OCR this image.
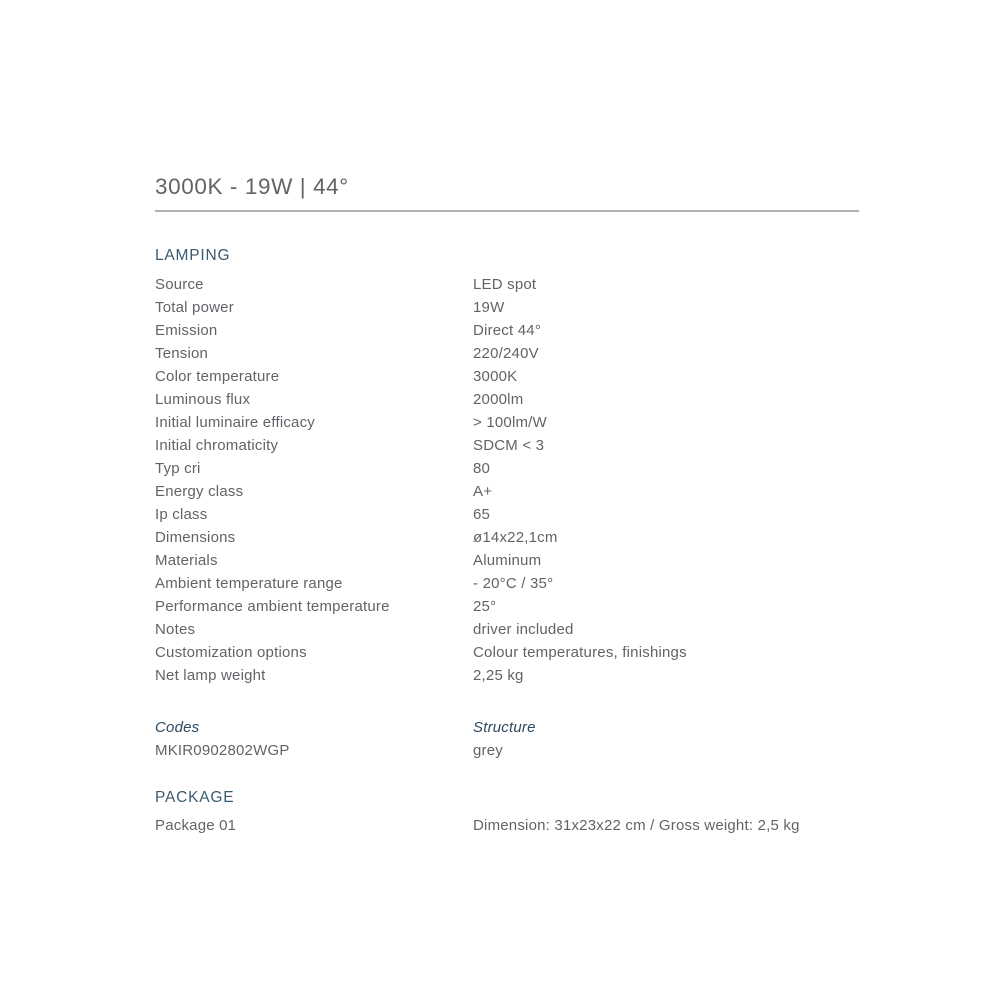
3000K - 19W | 44°
LAMPING
Source	LED spot
Total power	19W
Emission	Direct 44°
Tension	220/240V
Color temperature	3000K
Luminous flux	2000lm
Initial luminaire efficacy	> 100lm/W
Initial chromaticity	SDCM < 3
Typ cri	80
Energy class	A+
Ip class	65
Dimensions	ø14x22,1cm
Materials	Aluminum
Ambient temperature range	- 20°C / 35°
Performance ambient temperature	25°
Notes	driver included
Customization options	Colour temperatures, finishings
Net lamp weight	2,25 kg
Codes	Structure
MKIR0902802WGP	grey
PACKAGE
Package 01	Dimension: 31x23x22 cm / Gross weight: 2,5 kg
